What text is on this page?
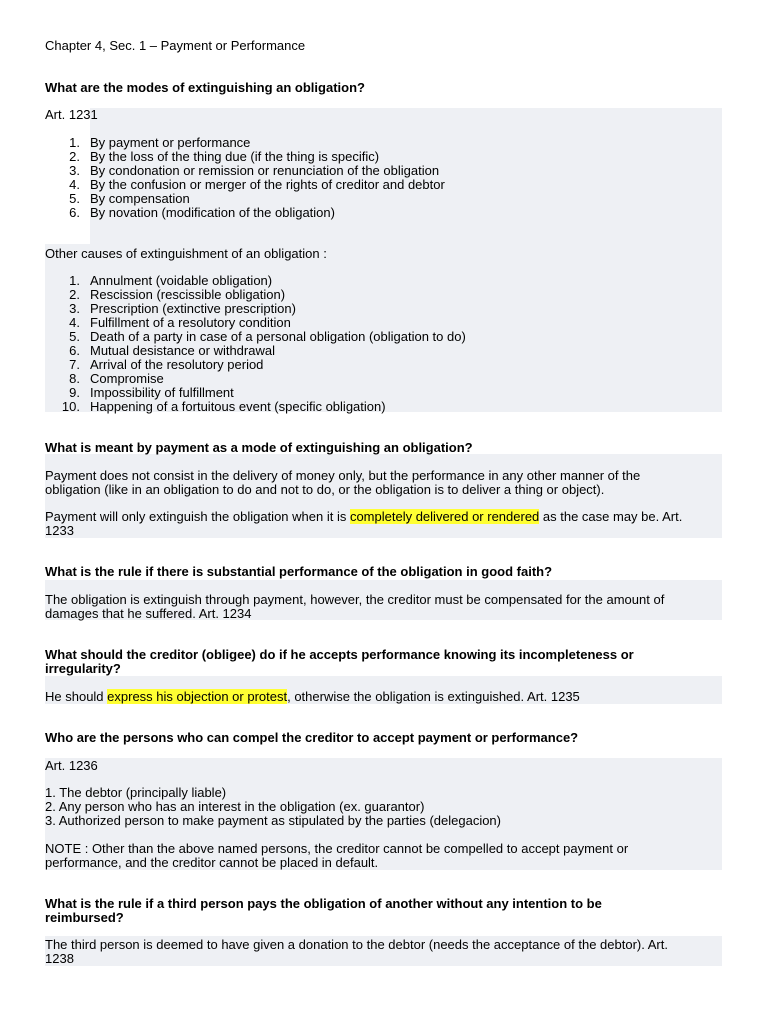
Chapter 4, Sec. 1 – Payment or Performance
What are the modes of extinguishing an obligation?
Art. 1231
1. By payment or performance
2. By the loss of the thing due (if the thing is specific)
3. By condonation or remission or renunciation of the obligation
4. By the confusion or merger of the rights of creditor and debtor
5. By compensation
6. By novation (modification of the obligation)
Other causes of extinguishment of an obligation :
1. Annulment (voidable obligation)
2. Rescission (rescissible obligation)
3. Prescription (extinctive prescription)
4. Fulfillment of a resolutory condition
5. Death of a party in case of a personal obligation (obligation to do)
6. Mutual desistance or withdrawal
7. Arrival of the resolutory period
8. Compromise
9. Impossibility of fulfillment
10. Happening of a fortuitous event (specific obligation)
What is meant by payment as a mode of extinguishing an obligation?
Payment does not consist in the delivery of money only, but the performance in any other manner of the
obligation (like in an obligation to do and not to do, or the obligation is to deliver a thing or object).
Payment will only extinguish the obligation when it is completely delivered or rendered as the case may be. Art.
1233
What is the rule if there is substantial performance of the obligation in good faith?
The obligation is extinguish through payment, however, the creditor must be compensated for the amount of
damages that he suffered. Art. 1234
What should the creditor (obligee) do if he accepts performance knowing its incompleteness or
irregularity?
He should express his objection or protest, otherwise the obligation is extinguished. Art. 1235
Who are the persons who can compel the creditor to accept payment or performance?
Art. 1236
1. The debtor (principally liable)
2. Any person who has an interest in the obligation (ex. guarantor)
3. Authorized person to make payment as stipulated by the parties (delegacion)
NOTE : Other than the above named persons, the creditor cannot be compelled to accept payment or
performance, and the creditor cannot be placed in default.
What is the rule if a third person pays the obligation of another without any intention to be
reimbursed?
The third person is deemed to have given a donation to the debtor (needs the acceptance of the debtor). Art.
1238
